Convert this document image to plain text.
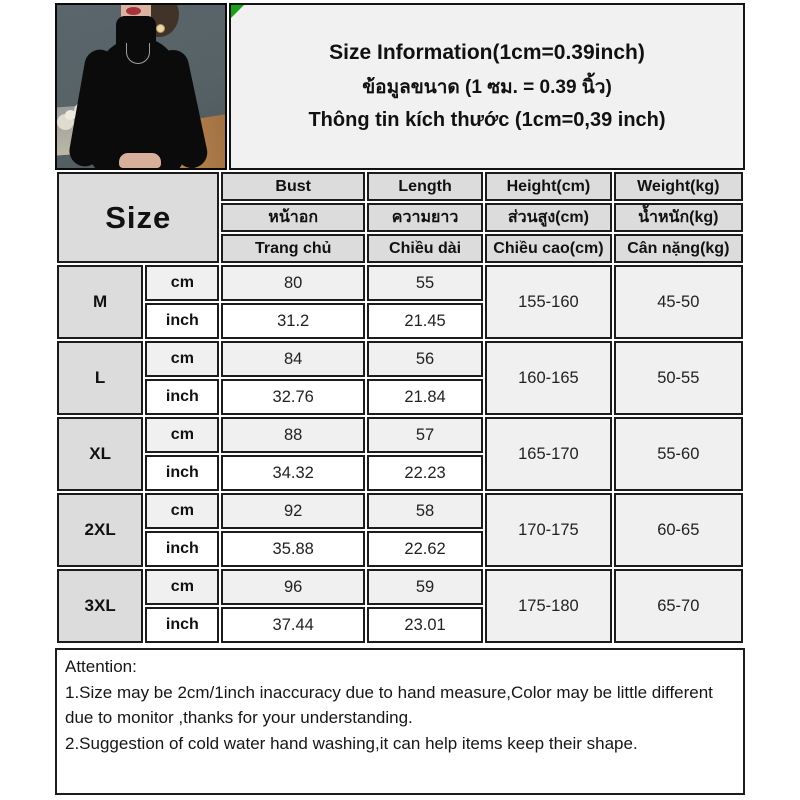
Size Information(1cm=0.39inch)
ข้อมูลขนาด (1 ซม. = 0.39 นิ้ว)
Thông tin kích thước (1cm=0,39 inch)
Size		Bust	Length	Height(cm)	Weight(kg)
		หน้าอก	ความยาว	ส่วนสูง(cm)	น้ำหนัก(kg)
		Trang chủ	Chiều dài	Chiều cao(cm)	Cân nặng(kg)
M	cm	80	55	155-160	45-50
	inch	31.2	21.45		
L	cm	84	56	160-165	50-55
	inch	32.76	21.84		
XL	cm	88	57	165-170	55-60
	inch	34.32	22.23		
2XL	cm	92	58	170-175	60-65
	inch	35.88	22.62		
3XL	cm	96	59	175-180	65-70
	inch	37.44	23.01		
Attention:
1.Size may be 2cm/1inch inaccuracy due to hand measure,Color may be little different due to monitor ,thanks for your understanding.
2.Suggestion of cold water hand washing,it can help items keep their shape.
